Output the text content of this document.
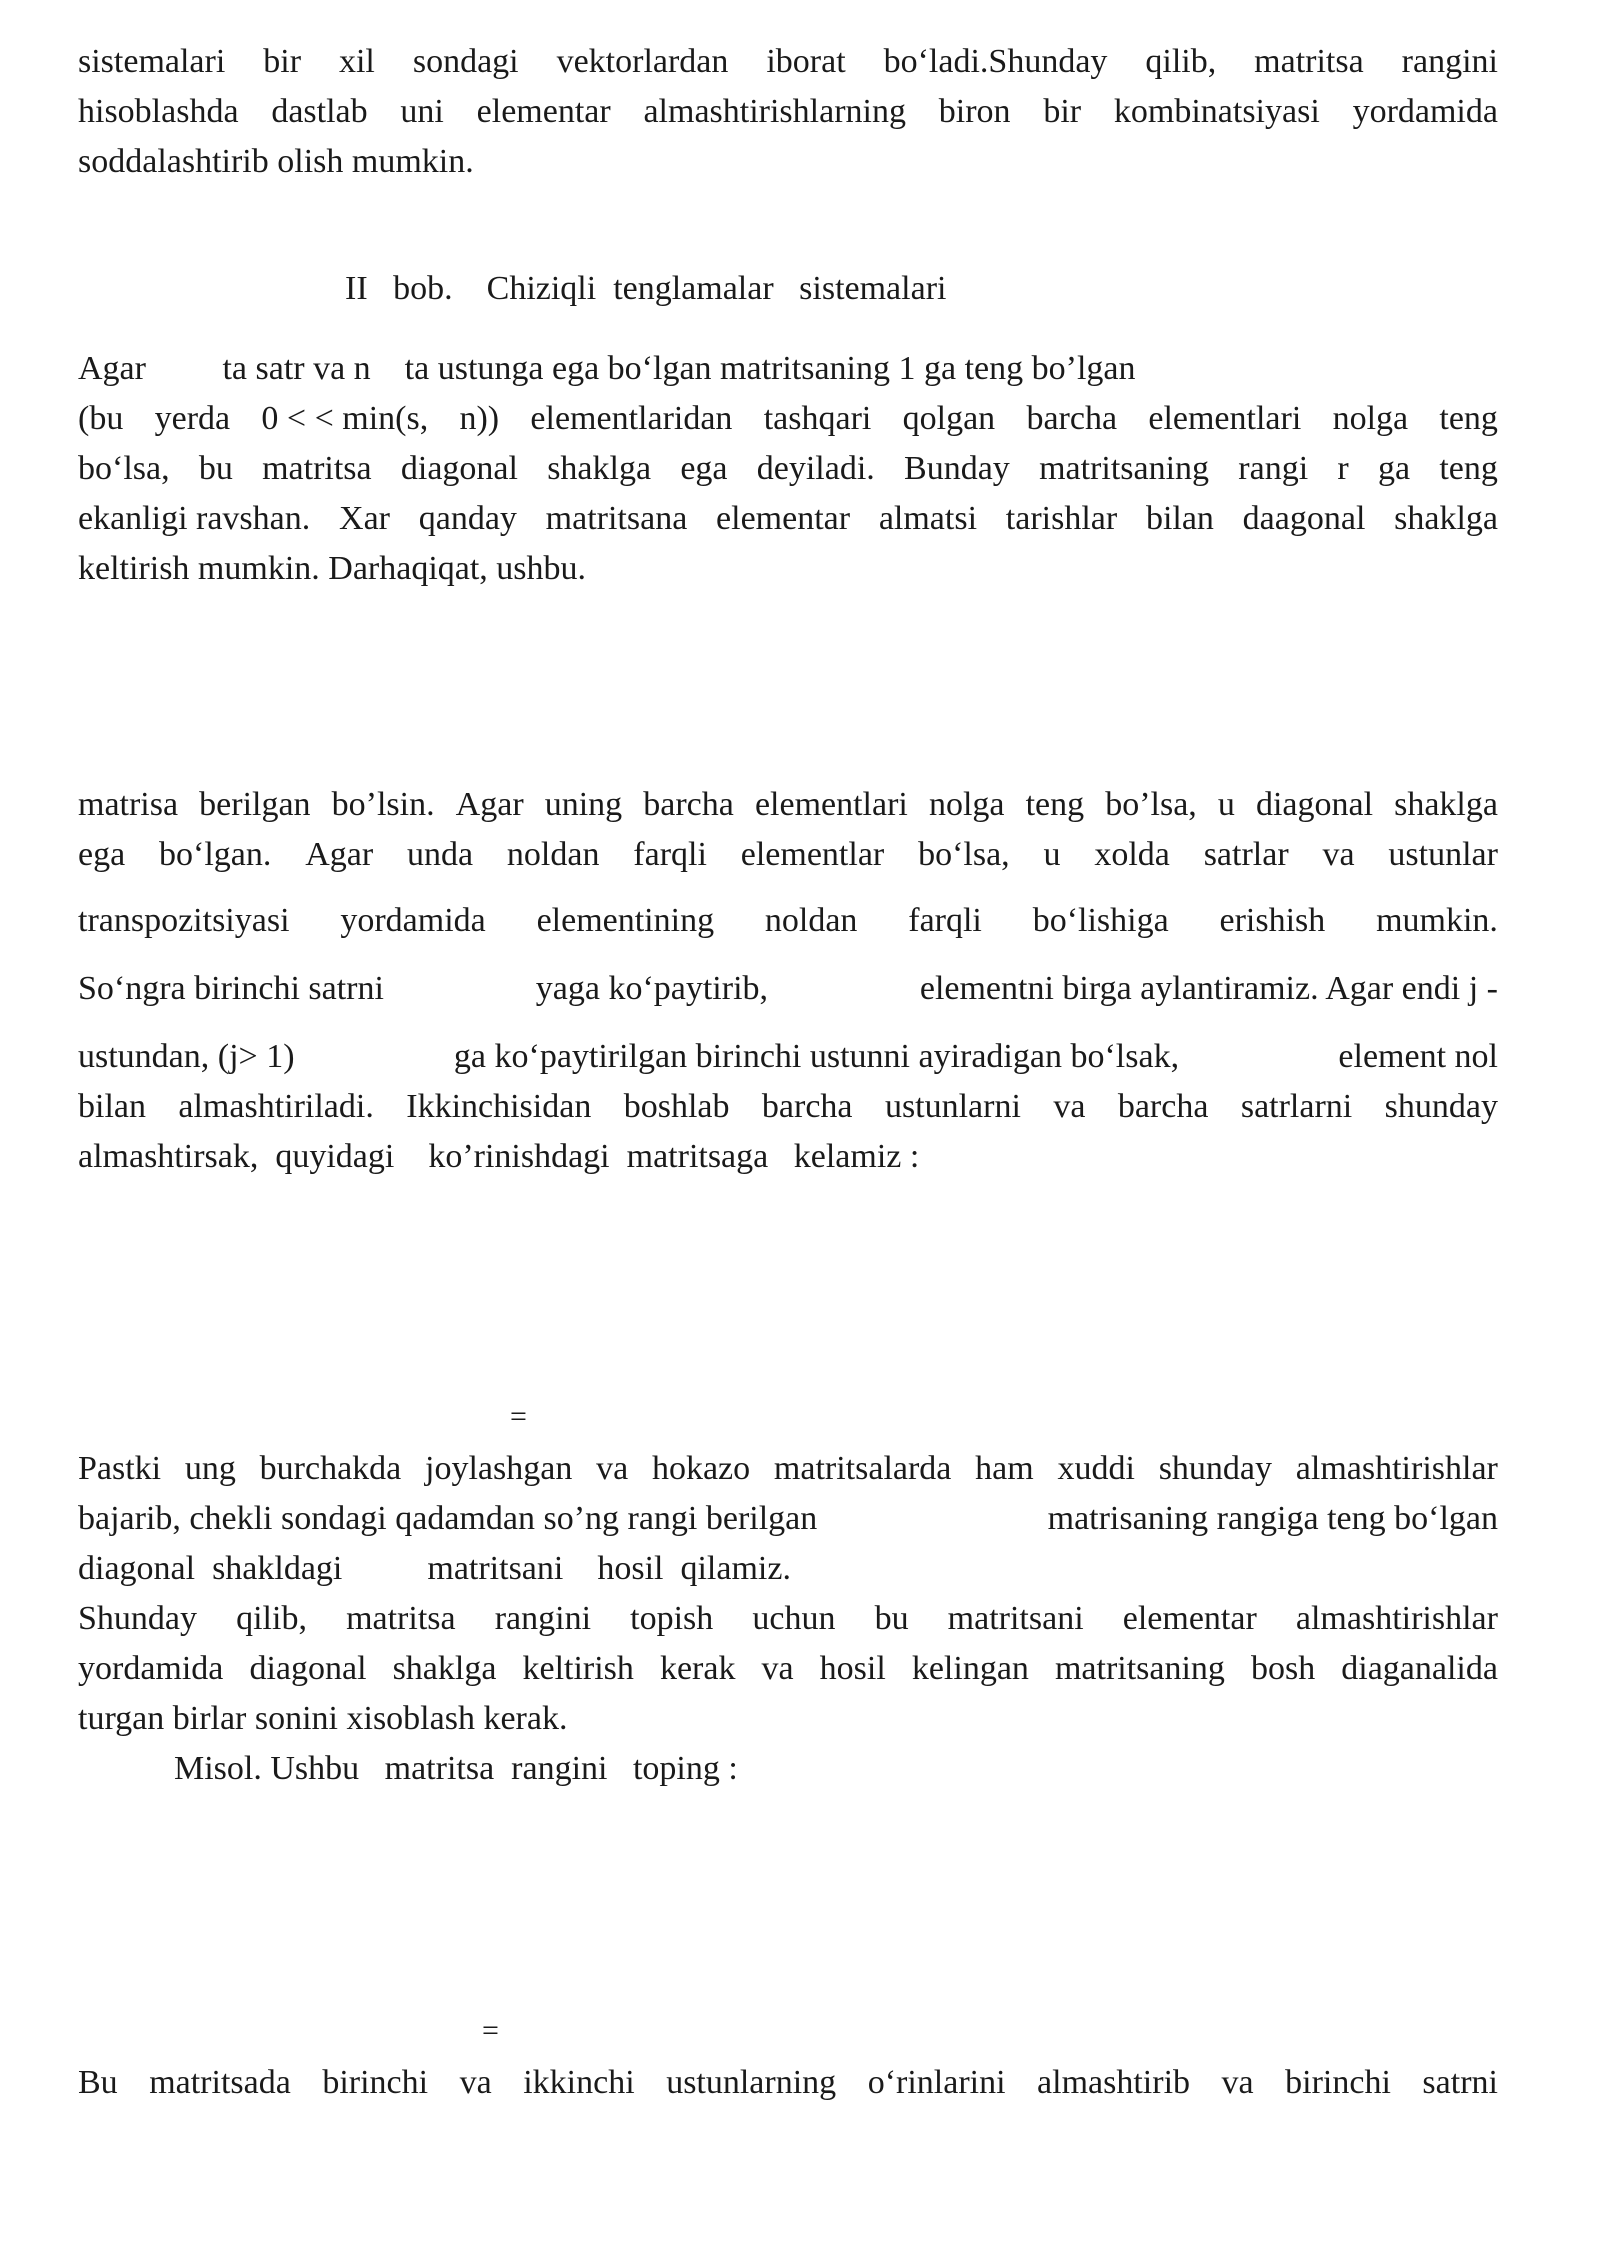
sistemalari bir xil sondagi vektorlardan iborat bo‘ladi.Shunday qilib, matritsa rangini
hisoblashda dastlab uni elementar almashtirishlarning biron bir kombinatsiyasi yordamida
soddalashtirib olish mumkin.
II   bob.    Chiziqli  tenglamalar   sistemalari
Agar         ta satr va n    ta ustunga ega bo‘lgan matritsaning 1 ga teng bo’lgan
(bu yerda 0 < < min(s, n)) elementlaridan tashqari qolgan barcha elementlari nolga teng
bo‘lsa, bu matritsa diagonal shaklga ega deyiladi. Bunday matritsaning rangi r ga teng
ekanligi ravshan. Xar qanday matritsana elementar almatsi tarishlar bilan daagonal shaklga
keltirish mumkin. Darhaqiqat, ushbu.
matrisa berilgan bo’lsin. Agar uning barcha elementlari nolga teng bo’lsa, u diagonal shaklga
ega bo‘lgan. Agar unda noldan farqli elementlar bo‘lsa, u xolda satrlar va ustunlar
transpozitsiyasi yordamida elementining noldan farqli bo‘lishiga erishish mumkin.
So‘ngra birinchi satrni	yaga ko‘paytirib,	elementni birga aylantiramiz. Agar endi j -
ustundan, (j> 1)	ga ko‘paytirilgan birinchi ustunni ayiradigan bo‘lsak,	element nol
bilan almashtiriladi. Ikkinchisidan boshlab barcha ustunlarni va barcha satrlarni shunday
almashtirsak,  quyidagi    ko’rinishdagi  matritsaga   kelamiz :
=
Pastki ung burchakda joylashgan va hokazo matritsalarda ham xuddi shunday almashtirishlar
bajarib, chekli sondagi qadamdan so’ng rangi berilgan	matrisaning rangiga teng bo‘lgan
diagonal  shakldagi          matritsani    hosil  qilamiz.
Shunday qilib, matritsa rangini topish uchun bu matritsani elementar almashtirishlar
yordamida diagonal shaklga keltirish kerak va hosil kelingan matritsaning bosh diaganalida
turgan birlar sonini xisoblash kerak.
Misol. Ushbu   matritsa  rangini   toping :
=
Bu matritsada birinchi va ikkinchi ustunlarning o‘rinlarini almashtirib va birinchi satrni
